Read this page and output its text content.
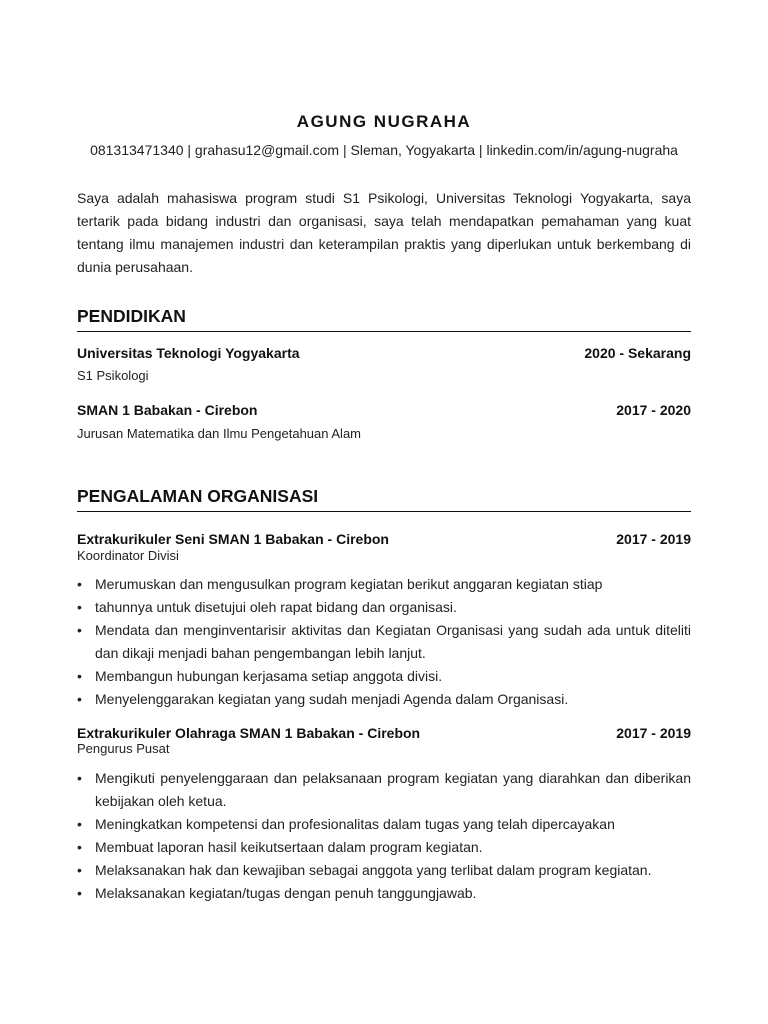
AGUNG NUGRAHA
081313471340 | grahasu12@gmail.com | Sleman, Yogyakarta | linkedin.com/in/agung-nugraha
Saya adalah mahasiswa program studi S1 Psikologi, Universitas Teknologi Yogyakarta, saya tertarik pada bidang industri dan organisasi, saya telah mendapatkan pemahaman yang kuat tentang ilmu manajemen industri dan keterampilan praktis yang diperlukan untuk berkembang di dunia perusahaan.
PENDIDIKAN
Universitas Teknologi Yogyakarta	2020 - Sekarang
S1 Psikologi
SMAN 1 Babakan - Cirebon	2017 - 2020
Jurusan Matematika dan Ilmu Pengetahuan Alam
PENGALAMAN ORGANISASI
Extrakurikuler Seni SMAN 1 Babakan - Cirebon	2017 - 2019
Koordinator Divisi
• Merumuskan dan mengusulkan program kegiatan berikut anggaran kegiatan stiap
• tahunnya untuk disetujui oleh rapat bidang dan organisasi.
• Mendata dan menginventarisir aktivitas dan Kegiatan Organisasi yang sudah ada untuk diteliti dan dikaji menjadi bahan pengembangan lebih lanjut.
• Membangun hubungan kerjasama setiap anggota divisi.
• Menyelenggarakan kegiatan yang sudah menjadi Agenda dalam Organisasi.
Extrakurikuler Olahraga SMAN 1 Babakan - Cirebon	2017 - 2019
Pengurus Pusat
• Mengikuti penyelenggaraan dan pelaksanaan program kegiatan yang diarahkan dan diberikan kebijakan oleh ketua.
• Meningkatkan kompetensi dan profesionalitas dalam tugas yang telah dipercayakan
• Membuat laporan hasil keikutsertaan dalam program kegiatan.
• Melaksanakan hak dan kewajiban sebagai anggota yang terlibat dalam program kegiatan.
• Melaksanakan kegiatan/tugas dengan penuh tanggungjawab.
